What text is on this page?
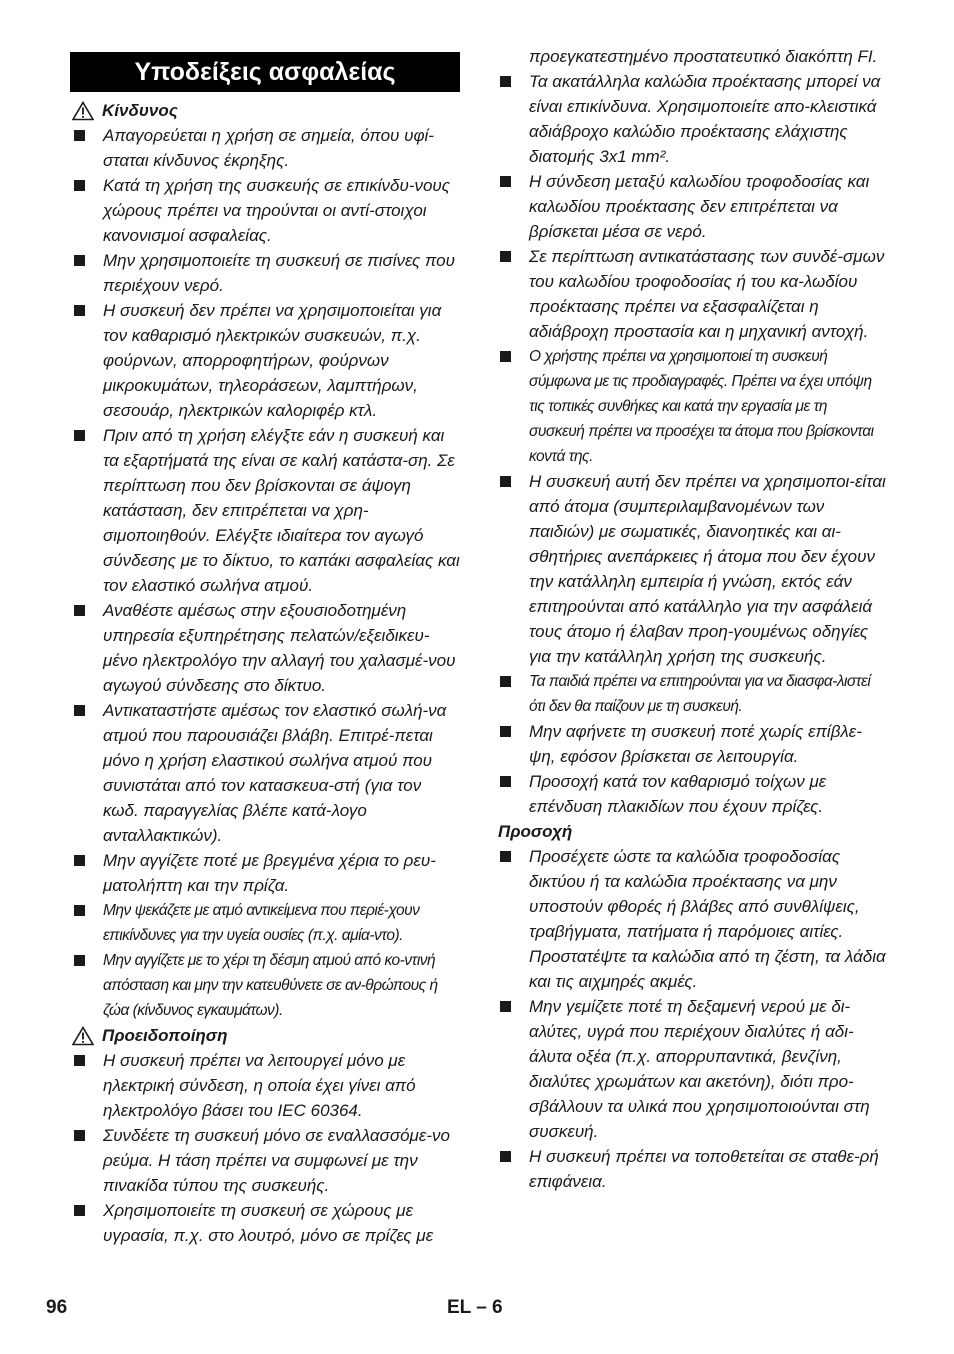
Υποδείξεις ασφαλείας
Κίνδυνος
Απαγορεύεται η χρήση σε σημεία, όπου υφί-σταται κίνδυνος έκρηξης.
Κατά τη χρήση της συσκευής σε επικίνδυ-νους χώρους πρέπει να τηρούνται οι αντί-στοιχοι κανονισμοί ασφαλείας.
Μην χρησιμοποιείτε τη συσκευή σε πισίνες που περιέχουν νερό.
Η συσκευή δεν πρέπει να χρησιμοποιείται για τον καθαρισμό ηλεκτρικών συσκευών, π.χ. φούρνων, απορροφητήρων, φούρνων μικροκυμάτων, τηλεοράσεων, λαμπτήρων, σεσουάρ, ηλεκτρικών καλοριφέρ κτλ.
Πριν από τη χρήση ελέγξτε εάν η συσκευή και τα εξαρτήματά της είναι σε καλή κατάστα-ση. Σε περίπτωση που δεν βρίσκονται σε άψογη κατάσταση, δεν επιτρέπεται να χρη-σιμοποιηθούν. Ελέγξτε ιδιαίτερα τον αγωγό σύνδεσης με το δίκτυο, το καπάκι ασφαλείας και τον ελαστικό σωλήνα ατμού.
Αναθέστε αμέσως στην εξουσιοδοτημένη υπηρεσία εξυπηρέτησης πελατών/εξειδικευ-μένο ηλεκτρολόγο την αλλαγή του χαλασμέ-νου αγωγού σύνδεσης στο δίκτυο.
Αντικαταστήστε αμέσως τον ελαστικό σωλή-να ατμού που παρουσιάζει βλάβη. Επιτρέ-πεται μόνο η χρήση ελαστικού σωλήνα ατμού που συνιστάται από τον κατασκευα-στή (για τον κωδ. παραγγελίας βλέπε κατά-λογο ανταλλακτικών).
Μην αγγίζετε ποτέ με βρεγμένα χέρια το ρευ-ματολήπτη και την πρίζα.
Μην ψεκάζετε με ατμό αντικείμενα που περιέ-χουν επικίνδυνες για την υγεία ουσίες (π.χ. αμία-ντο).
Μην αγγίζετε με το χέρι τη δέσμη ατμού από κο-ντινή απόσταση και μην την κατευθύνετε σε αν-θρώπους ή ζώα (κίνδυνος εγκαυμάτων).
Προειδοποίηση
Η συσκευή πρέπει να λειτουργεί μόνο με ηλεκτρική σύνδεση, η οποία έχει γίνει από ηλεκτρολόγο βάσει του IEC 60364.
Συνδέετε τη συσκευή μόνο σε εναλλασσόμε-νο ρεύμα. Η τάση πρέπει να συμφωνεί με την πινακίδα τύπου της συσκευής.
Χρησιμοποιείτε τη συσκευή σε χώρους με υγρασία, π.χ. στο λουτρό, μόνο σε πρίζες με
προεγκατεστημένο προστατευτικό διακόπτη FI.
Τα ακατάλληλα καλώδια προέκτασης μπορεί να είναι επικίνδυνα. Χρησιμοποιείτε απο-κλειστικά αδιάβροχο καλώδιο προέκτασης ελάχιστης διατομής 3x1 mm².
Η σύνδεση μεταξύ καλωδίου τροφοδοσίας και καλωδίου προέκτασης δεν επιτρέπεται να βρίσκεται μέσα σε νερό.
Σε περίπτωση αντικατάστασης των συνδέ-σμων του καλωδίου τροφοδοσίας ή του κα-λωδίου προέκτασης πρέπει να εξασφαλίζεται η αδιάβροχη προστασία και η μηχανική αντοχή.
Ο χρήστης πρέπει να χρησιμοποιεί τη συσκευή σύμφωνα με τις προδιαγραφές. Πρέπει να έχει υπόψη τις τοπικές συνθήκες και κατά την εργασία με τη συσκευή πρέπει να προσέχει τα άτομα που βρίσκονται κοντά της.
Η συσκευή αυτή δεν πρέπει να χρησιμοποι-είται από άτομα (συμπεριλαμβανομένων των παιδιών) με σωματικές, διανοητικές και αι-σθητήριες ανεπάρκειες ή άτομα που δεν έχουν την κατάλληλη εμπειρία ή γνώση, εκτός εάν επιτηρούνται από κατάλληλο για την ασφάλειά τους άτομο ή έλαβαν προη-γουμένως οδηγίες για την κατάλληλη χρήση της συσκευής.
Τα παιδιά πρέπει να επιτηρούνται για να διασφα-λιστεί ότι δεν θα παίζουν με τη συσκευή.
Μην αφήνετε τη συσκευή ποτέ χωρίς επίβλε-ψη, εφόσον βρίσκεται σε λειτουργία.
Προσοχή κατά τον καθαρισμό τοίχων με επένδυση πλακιδίων που έχουν πρίζες.
Προσοχή
Προσέχετε ώστε τα καλώδια τροφοδοσίας δικτύου ή τα καλώδια προέκτασης να μην υποστούν φθορές ή βλάβες από συνθλίψεις, τραβήγματα, πατήματα ή παρόμοιες αιτίες. Προστατέψτε τα καλώδια από τη ζέστη, τα λάδια και τις αιχμηρές ακμές.
Μην γεμίζετε ποτέ τη δεξαμενή νερού με δι-αλύτες, υγρά που περιέχουν διαλύτες ή αδι-άλυτα οξέα (π.χ. απορρυπαντικά, βενζίνη, διαλύτες χρωμάτων και ακετόνη), διότι προ-σβάλλουν τα υλικά που χρησιμοποιούνται στη συσκευή.
Η συσκευή πρέπει να τοποθετείται σε σταθε-ρή επιφάνεια.
96	EL – 6
